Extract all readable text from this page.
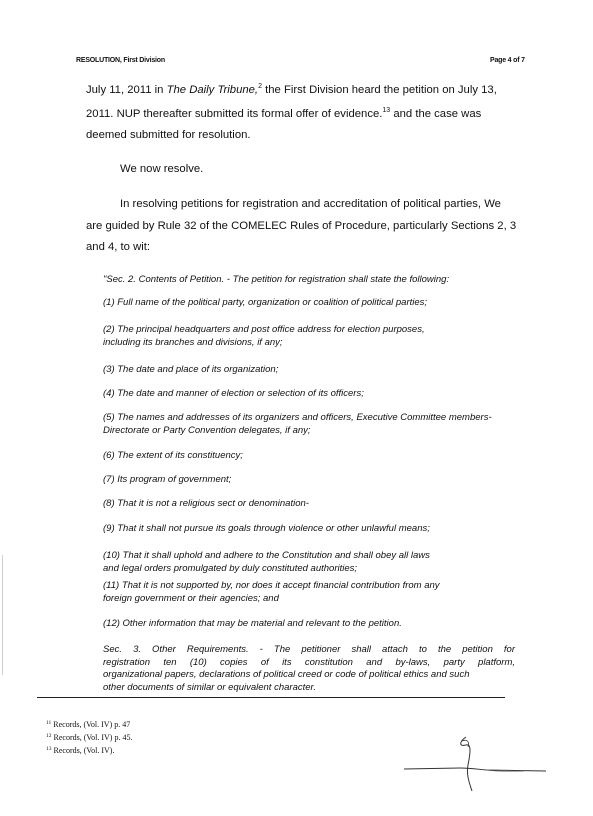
RESOLUTION, First Division	Page 4 of 7
July 11, 2011 in The Daily Tribune,$^2$ the First Division heard the petition on July 13,
2011. NUP thereafter submitted its formal offer of evidence.$^{13}$ and the case was
deemed submitted for resolution.
We now resolve.
In resolving petitions for registration and accreditation of political parties, We
are guided by Rule 32 of the COMELEC Rules of Procedure, particularly Sections 2, 3
and 4, to wit:
"Sec. 2. Contents of Petition. - The petition for registration shall state the following:
(1) Full name of the political party, organization or coalition of political parties;
(2) The principal headquarters and post office address for election purposes,
including its branches and divisions, if any;
(3) The date and place of its organization;
(4) The date and manner of election or selection of its officers;
(5) The names and addresses of its organizers and officers, Executive Committee members-
Directorate or Party Convention delegates, if any;
(6) The extent of its constituency;
(7) Its program of government;
(8) That it is not a religious sect or denomination-
(9) That it shall not pursue its goals through violence or other unlawful means;
(10) That it shall uphold and adhere to the Constitution and shall obey all laws
and legal orders promulgated by duly constituted authorities;
(11) That it is not supported by, nor does it accept financial contribution from any
foreign government or their agencies; and
(12) Other information that may be material and relevant to the petition.
Sec. 3. Other Requirements. - The petitioner shall attach to the petition for
registration ten (10) copies of its constitution and by-laws, party platform,
organizational papers, declarations of political creed or code of political ethics and such
other documents of similar or equivalent character.
$^{11}$ Records, (Vol. IV) p. 47
$^{12}$ Records, (Vol. IV) p. 45.
$^{13}$ Records, (Vol. IV).
